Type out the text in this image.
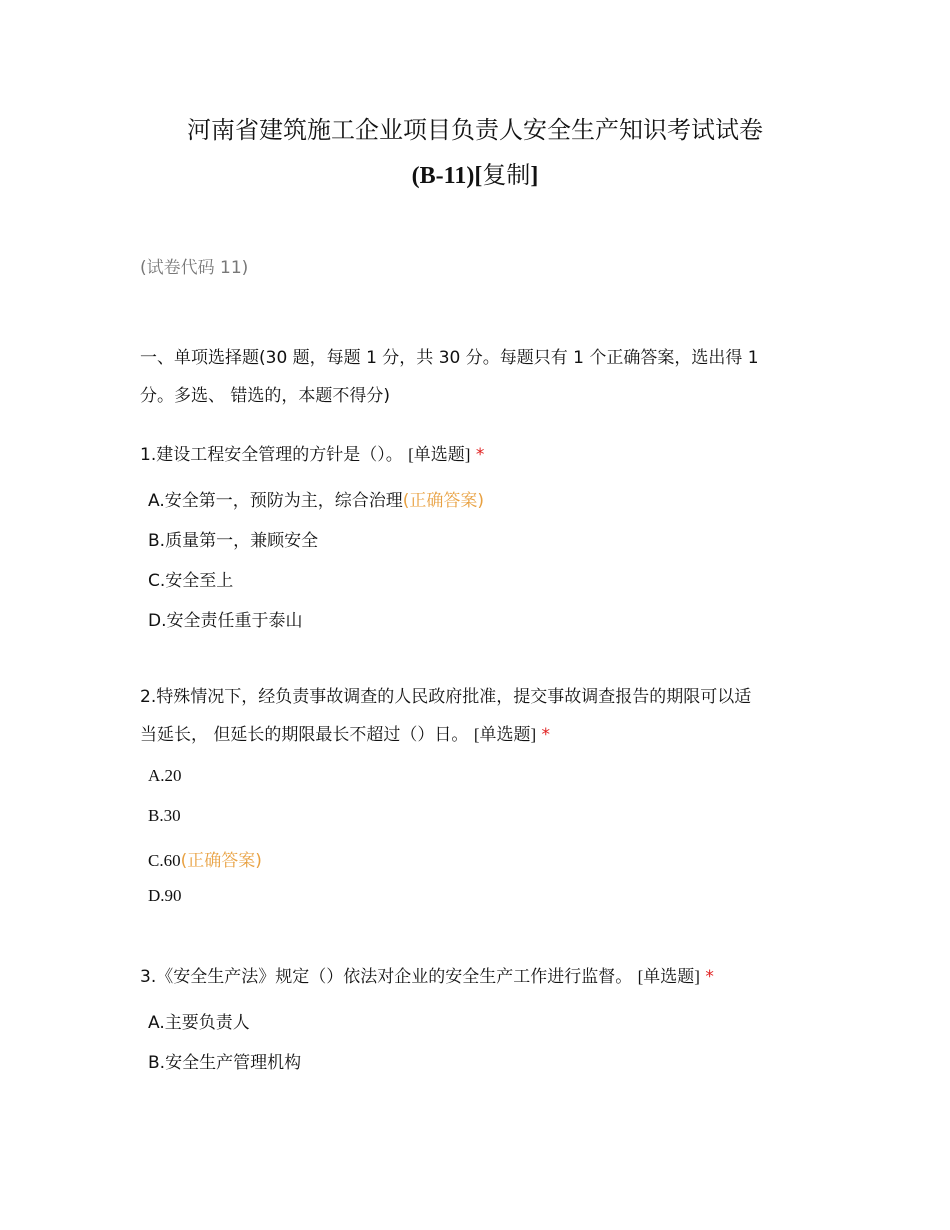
河南省建筑施工企业项目负责人安全生产知识考试试卷
(B-11)[复制]
(试卷代码 11)
一、单项选择题(30 题，每题 1 分，共 30 分。每题只有 1 个正确答案，选出得 1
分。多选、 错选的，本题不得分)
1.建设工程安全管理的方针是（）。 [单选题] *
A.安全第一，预防为主，综合治理(正确答案)
B.质量第一，兼顾安全
C.安全至上
D.安全责任重于泰山
2.特殊情况下，经负责事故调查的人民政府批准，提交事故调查报告的期限可以适
当延长， 但延长的期限最长不超过（）日。 [单选题] *
A.20
B.30
C.60(正确答案)
D.90
3.《安全生产法》规定（）依法对企业的安全生产工作进行监督。 [单选题] *
A.主要负责人
B.安全生产管理机构
